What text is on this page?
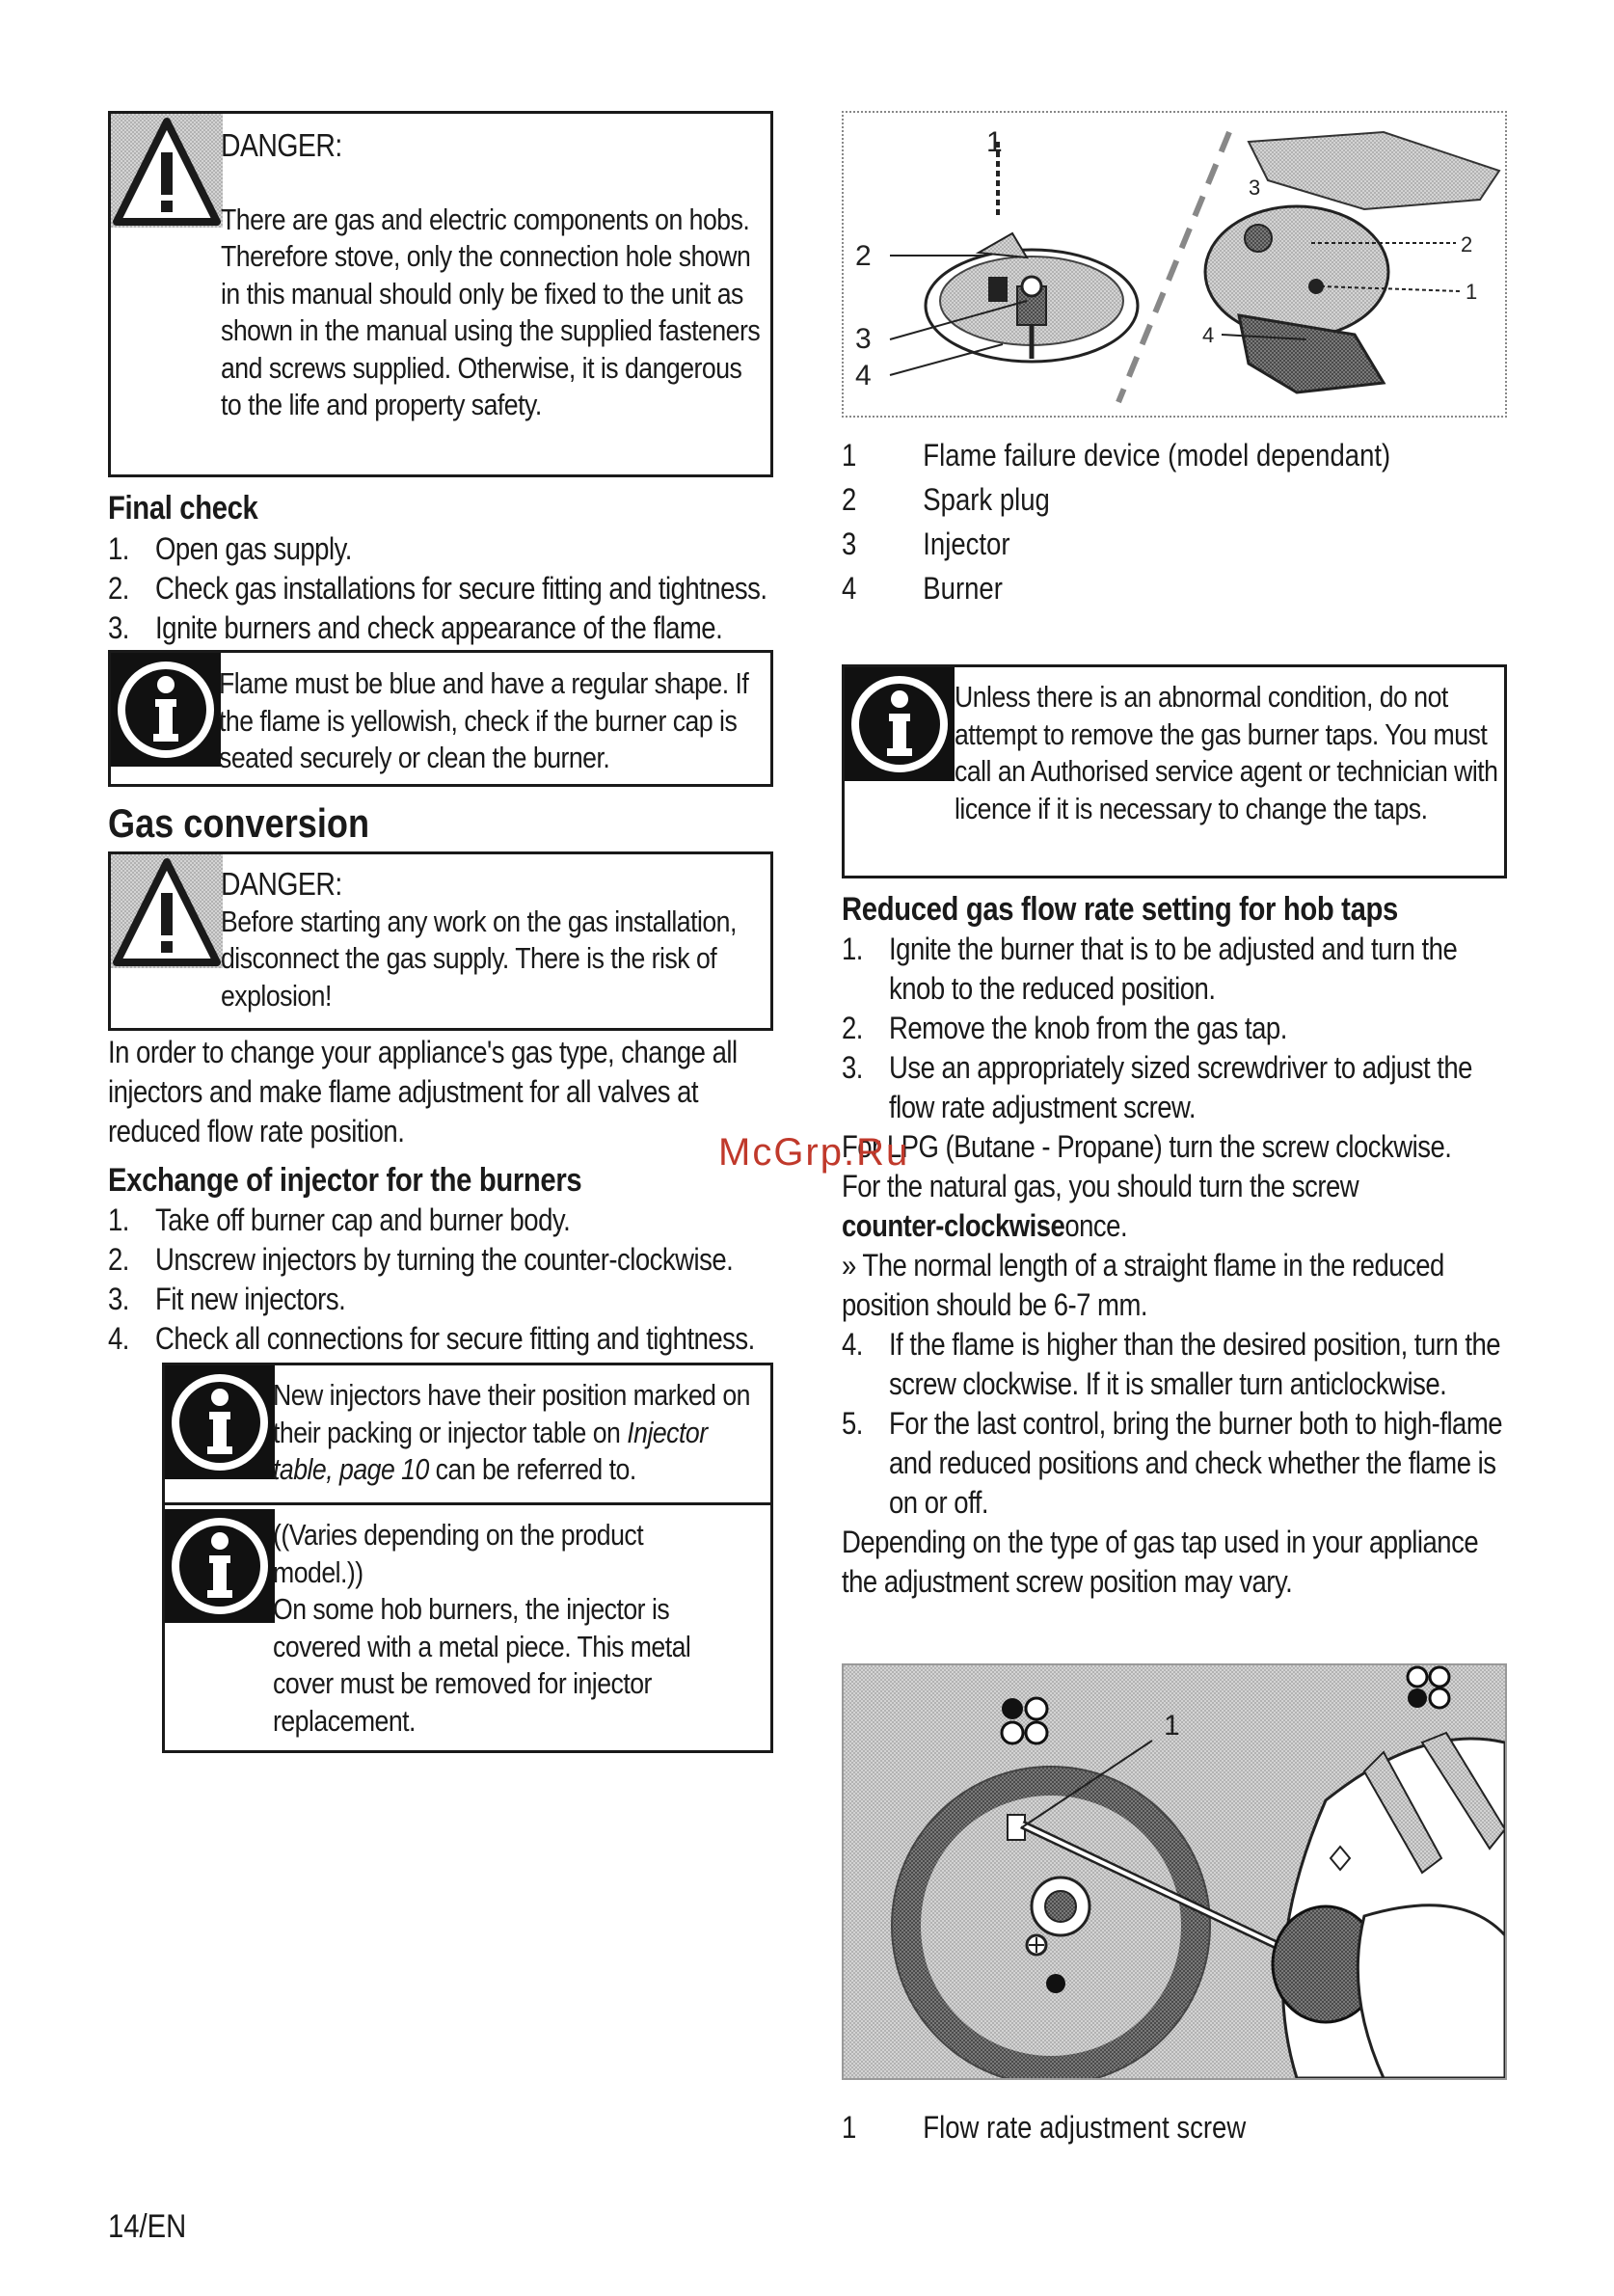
DANGER:
There are gas and electric components on hobs. Therefore stove, only the connection hole shown in this manual should only be fixed to the unit as shown in the manual using the supplied fasteners and screws supplied. Otherwise, it is dangerous to the life and property safety.
Final check
1. Open gas supply.
2. Check gas installations for secure fitting and tightness.
3. Ignite burners and check appearance of the flame.
Flame must be blue and have a regular shape. If the flame is yellowish, check if the burner cap is seated securely or clean the burner.
Gas conversion
DANGER:
Before starting any work on the gas installation, disconnect the gas supply. There is the risk of explosion!
In order to change your appliance's gas type, change all injectors and make flame adjustment for all valves at reduced flow rate position.
Exchange of injector for the burners
1. Take off burner cap and burner body.
2. Unscrew injectors by turning the counter-clockwise.
3. Fit new injectors.
4. Check all connections for secure fitting and tightness.
New injectors have their position marked on their packing or injector table on Injector table, page 10 can be referred to.
((Varies depending on the product model.))
On some hob burners, the injector is covered with a metal piece. This metal cover must be removed for injector replacement.
1
2
3
4
3
2
1
4
1 Flame failure device (model dependant)
2 Spark plug
3 Injector
4 Burner
Unless there is an abnormal condition, do not attempt to remove the gas burner taps. You must call an Authorised service agent or technician with licence if it is necessary to change the taps.
Reduced gas flow rate setting for hob taps
1. Ignite the burner that is to be adjusted and turn the knob to the reduced position.
2. Remove the knob from the gas tap.
3. Use an appropriately sized screwdriver to adjust the flow rate adjustment screw.
For LPG (Butane - Propane) turn the screw clockwise.
For the natural gas, you should turn the screw
counter-clockwiseonce.
» The normal length of a straight flame in the reduced position should be 6-7 mm.
4. If the flame is higher than the desired position, turn the screw clockwise. If it is smaller turn anticlockwise.
5. For the last control, bring the burner both to high-flame and reduced positions and check whether the flame is on or off.
Depending on the type of gas tap used in your appliance the adjustment screw position may vary.
1
1 Flow rate adjustment screw
McGrp.Ru
14/EN
